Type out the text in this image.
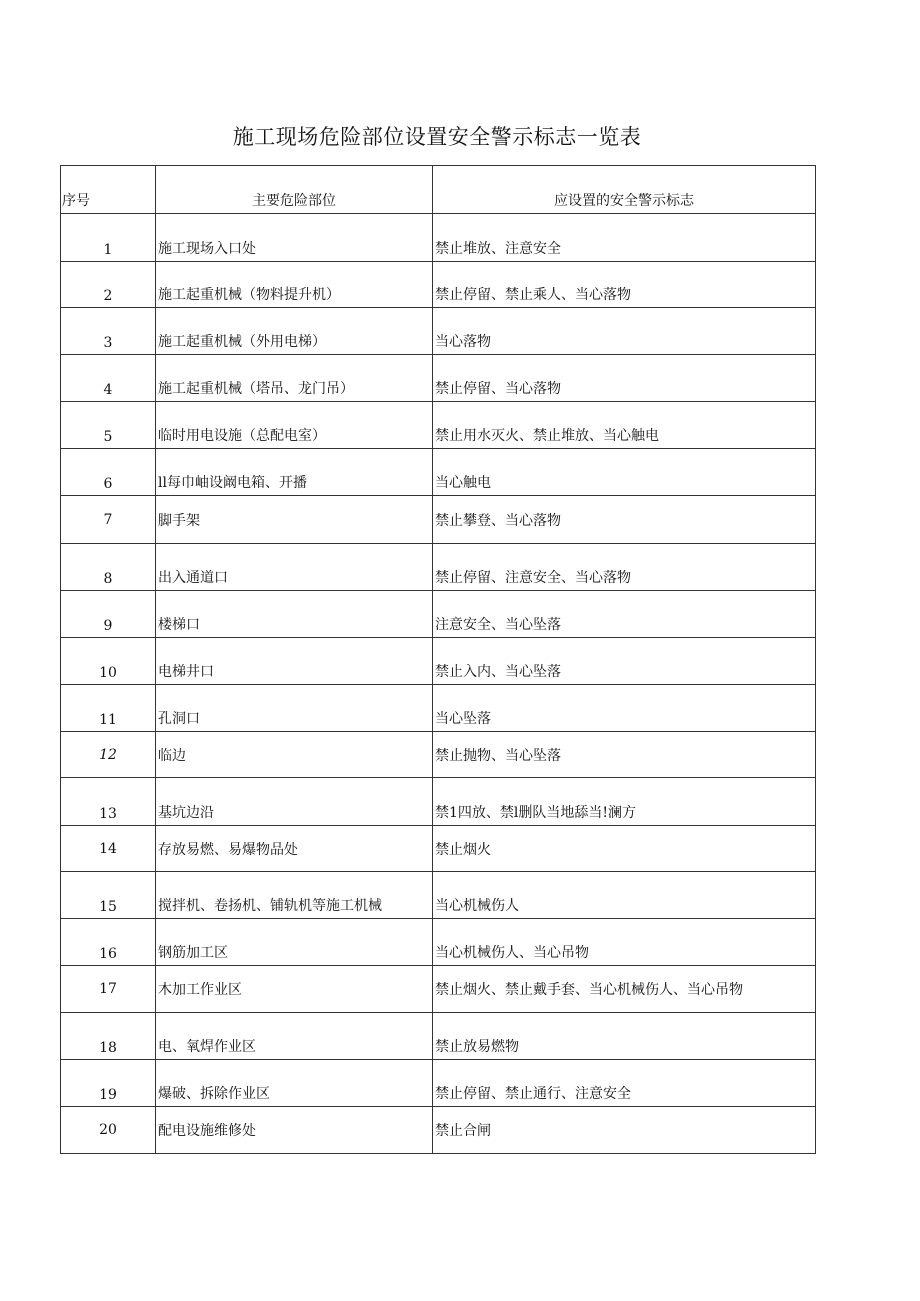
施工现场危险部位设置安全警示标志一览表
序号	主要危险部位	应设置的安全警示标志
1	施工现场入口处	禁止堆放、注意安全
2	施工起重机械（物料提升机）	禁止停留、禁止乘人、当心落物
3	施工起重机械（外用电梯）	当心落物
4	施工起重机械（塔吊、龙门吊）	禁止停留、当心落物
5	临时用电设施（总配电室）	禁止用水灭火、禁止堆放、当心触电
6	ll每巾岫设阚电箱、开播	当心触电
7	脚手架	禁止攀登、当心落物
8	出入通道口	禁止停留、注意安全、当心落物
9	楼梯口	注意安全、当心坠落
10	电梯井口	禁止入内、当心坠落
11	孔洞口	当心坠落
12	临边	禁止抛物、当心坠落
13	基坑边沿	禁1四放、禁l删队当地舔当!澜方
14	存放易燃、易爆物品处	禁止烟火
15	搅拌机、卷扬机、铺轨机等施工机械	当心机械伤人
16	钢筋加工区	当心机械伤人、当心吊物
17	木加工作业区	禁止烟火、禁止戴手套、当心机械伤人、当心吊物
18	电、氧焊作业区	禁止放易燃物
19	爆破、拆除作业区	禁止停留、禁止通行、注意安全
20	配电设施维修处	禁止合闸
